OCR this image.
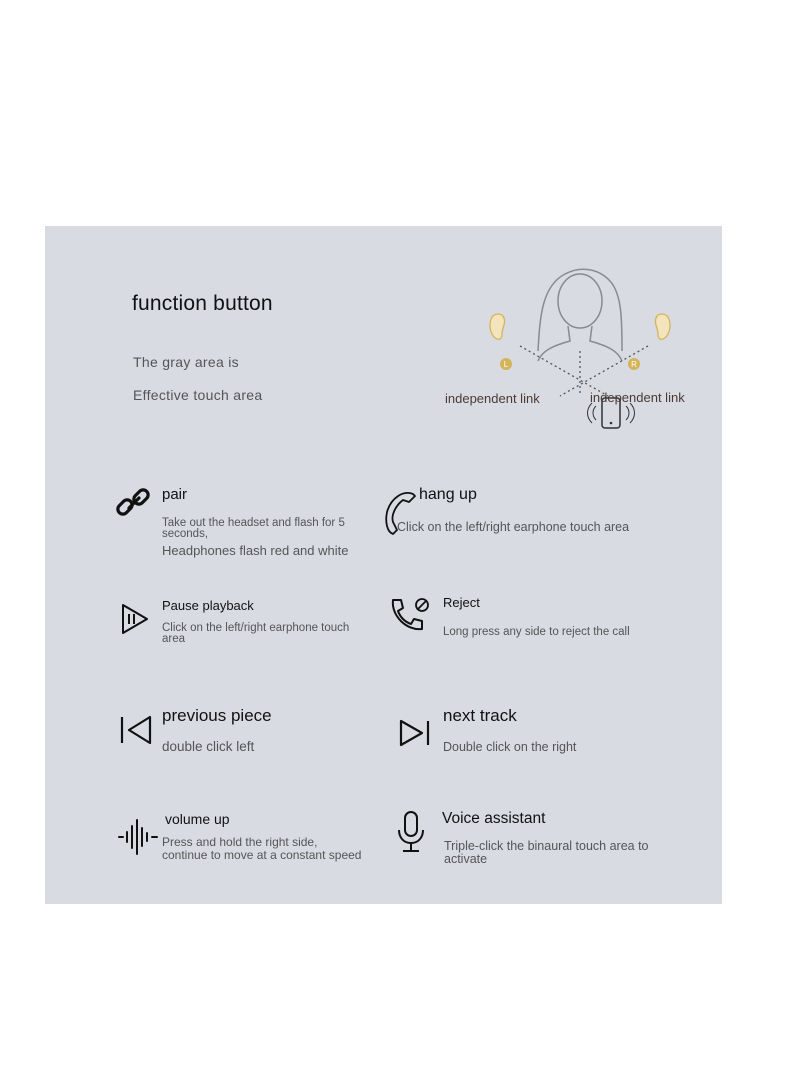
function button
The gray area is
Effective touch area
L	R
independent link	independent link
pair
Take out the headset and flash for 5 seconds,
Headphones flash red and white
hang up
Click on the left/right earphone touch area
Pause playback
Click on the left/right earphone touch area
Reject
Long press any side to reject the call
previous piece
double click left
next track
Double click on the right
volume up
Press and hold the right side, continue to move at a constant speed
Voice assistant
Triple-click the binaural touch area to activate
